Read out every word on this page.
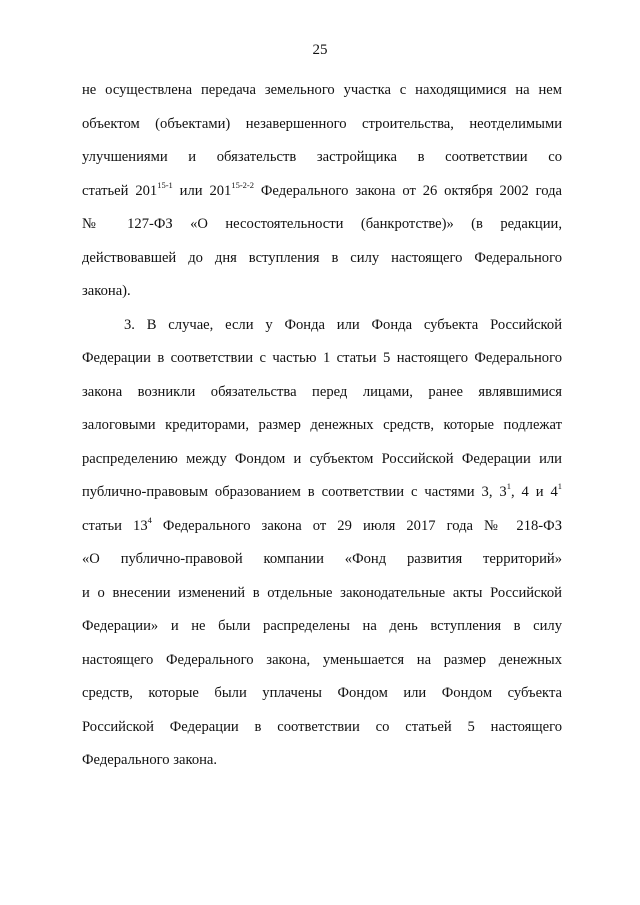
25
не осуществлена передача земельного участка с находящимися на нем
объектом (объектами) незавершенного строительства, неотделимыми
улучшениями и обязательств застройщика в соответствии со
статьей 201$^{15-1}$ или 201$^{15-2-2}$ Федерального закона от 26 октября 2002 года
№ 127-ФЗ «О несостоятельности (банкротстве)» (в редакции,
действовавшей до дня вступления в силу настоящего Федерального
закона).
3. В случае, если у Фонда или Фонда субъекта Российской
Федерации в соответствии с частью 1 статьи 5 настоящего Федерального
закона возникли обязательства перед лицами, ранее являвшимися
залоговыми кредиторами, размер денежных средств, которые подлежат
распределению между Фондом и субъектом Российской Федерации или
публично-правовым образованием в соответствии с частями 3, $3^1$, 4 и $4^1$
статьи $13^4$ Федерального закона от 29 июля 2017 года № 218-ФЗ
«О публично-правовой компании «Фонд развития территорий»
и о внесении изменений в отдельные законодательные акты Российской
Федерации» и не были распределены на день вступления в силу
настоящего Федерального закона, уменьшается на размер денежных
средств, которые были уплачены Фондом или Фондом субъекта
Российской Федерации в соответствии со статьей 5 настоящего
Федерального закона.
